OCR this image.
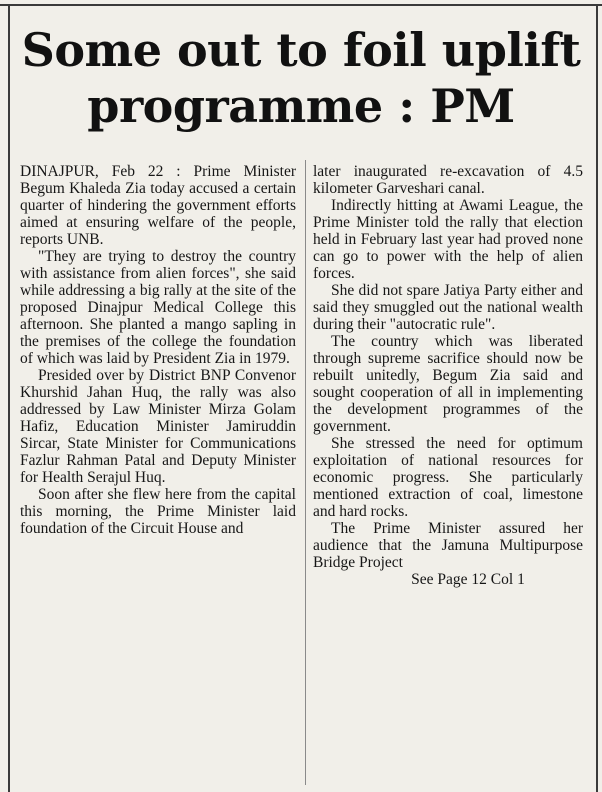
Some out to foil uplift programme : PM

DINAJPUR, Feb 22 : Prime Minister Begum Khaleda Zia today accused a certain quarter of hindering the government efforts aimed at ensuring welfare of the people, reports UNB.

"They are trying to destroy the country with assistance from alien forces", she said while addressing a big rally at the site of the proposed Dinajpur Medical College this afternoon. She planted a mango sapling in the premises of the college the foundation of which was laid by President Zia in 1979.

Presided over by District BNP Convenor Khurshid Jahan Huq, the rally was also addressed by Law Minister Mirza Golam Hafiz, Education Minister Jamiruddin Sircar, State Minister for Communications Fazlur Rahman Patal and Deputy Minister for Health Serajul Huq.

Soon after she flew here from the capital this morning, the Prime Minister laid foundation of the Circuit House and

later inaugurated re-excavation of 4.5 kilometer Garveshari canal.

Indirectly hitting at Awami League, the Prime Minister told the rally that election held in February last year had proved none can go to power with the help of alien forces.

She did not spare Jatiya Party either and said they smuggled out the national wealth during their "autocratic rule".

The country which was liberated through supreme sacrifice should now be rebuilt unitedly, Begum Zia said and sought cooperation of all in implementing the development programmes of the government.

She stressed the need for optimum exploitation of national resources for economic progress. She particularly mentioned extraction of coal, limestone and hard rocks.

The Prime Minister assured her audience that the Jamuna Multipurpose Bridge Project

See Page 12 Col 1
